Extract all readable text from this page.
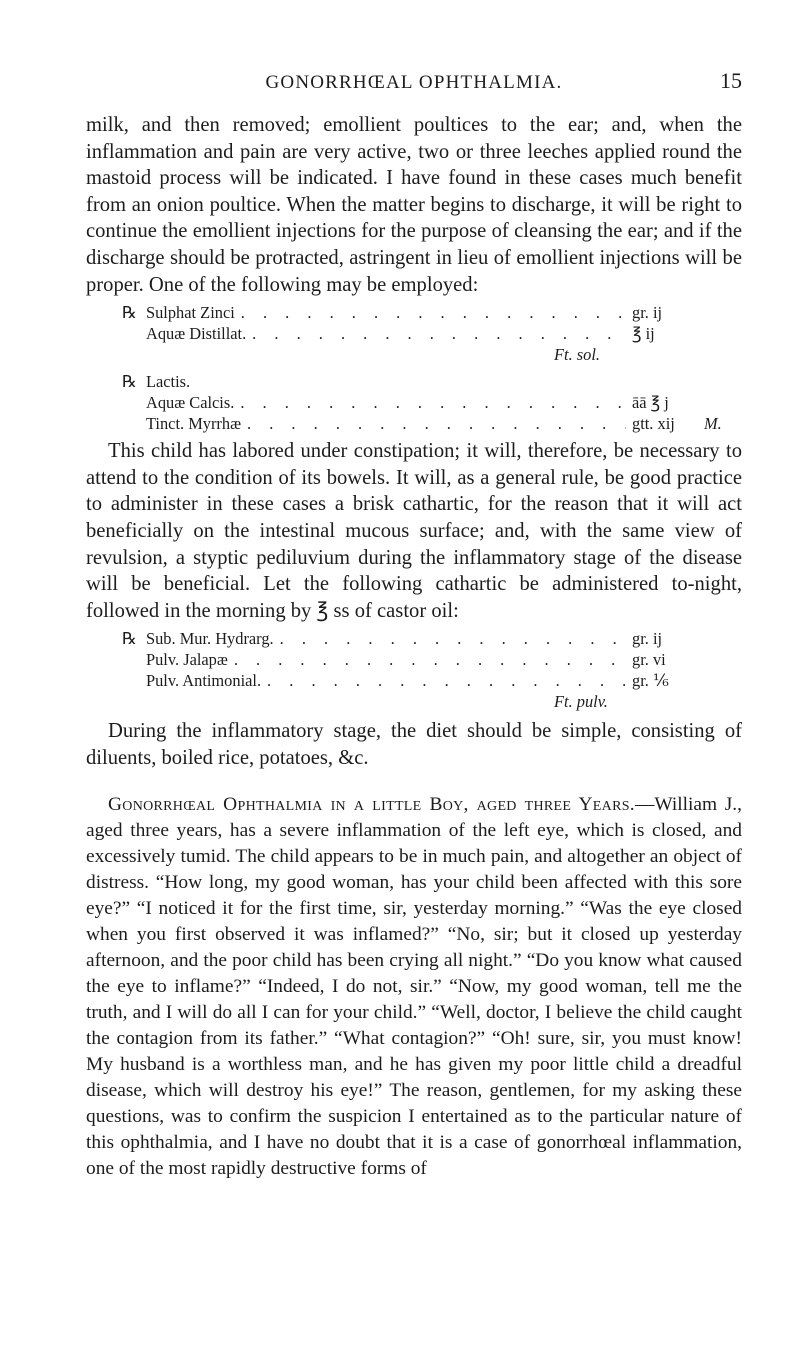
GONORRHŒAL OPHTHALMIA.	15

milk, and then removed; emollient poultices to the ear; and, when the inflammation and pain are very active, two or three leeches applied round the mastoid process will be indicated. I have found in these cases much benefit from an onion poultice. When the matter begins to discharge, it will be right to continue the emollient injections for the purpose of cleansing the ear; and if the discharge should be protracted, astringent in lieu of emollient injections will be proper. One of the following may be employed:

℞ Sulphat Zinci . . .	gr. ij
Aquæ Distillat. . . .	℥ ij
Ft. sol.
℞ Lactis.
Aquæ Calcis. . . .	āā ℥ j
Tinct. Myrrhæ . . .	gtt. xij	M.

This child has labored under constipation; it will, therefore, be necessary to attend to the condition of its bowels. It will, as a general rule, be good practice to administer in these cases a brisk cathartic, for the reason that it will act beneficially on the intestinal mucous surface; and, with the same view of revulsion, a styptic pediluvium during the inflammatory stage of the disease will be beneficial. Let the following cathartic be administered to-night, followed in the morning by ℥ ss of castor oil:

℞ Sub. Mur. Hydrarg. . . .	gr. ij
Pulv. Jalapæ . . .	gr. vi
Pulv. Antimonial. . . .	gr. ⅙
Ft. pulv.

During the inflammatory stage, the diet should be simple, consisting of diluents, boiled rice, potatoes, &c.

Gonorrhœal Ophthalmia in a little Boy, aged three Years.—William J., aged three years, has a severe inflammation of the left eye, which is closed, and excessively tumid. The child appears to be in much pain, and altogether an object of distress. “How long, my good woman, has your child been affected with this sore eye?” “I noticed it for the first time, sir, yesterday morning.” “Was the eye closed when you first observed it was inflamed?” “No, sir; but it closed up yesterday afternoon, and the poor child has been crying all night.” “Do you know what caused the eye to inflame?” “Indeed, I do not, sir.” “Now, my good woman, tell me the truth, and I will do all I can for your child.” “Well, doctor, I believe the child caught the contagion from its father.” “What contagion?” “Oh! sure, sir, you must know! My husband is a worthless man, and he has given my poor little child a dreadful disease, which will destroy his eye!” The reason, gentlemen, for my asking these questions, was to confirm the suspicion I entertained as to the particular nature of this ophthalmia, and I have no doubt that it is a case of gonorrhœal inflammation, one of the most rapidly destructive forms of
